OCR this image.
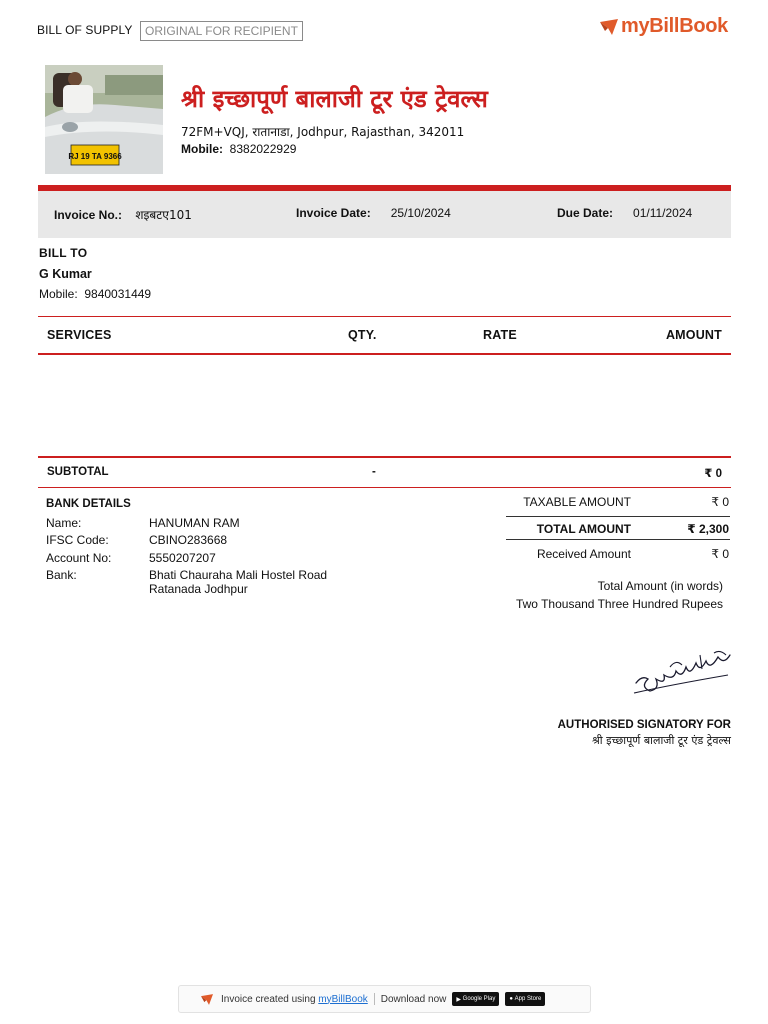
BILL OF SUPPLY	ORIGINAL FOR RECIPIENT	myBillBook
RJ 19 TA 9366
श्री इच्छापूर्ण बालाजी टूर एंड ट्रेवल्स
72FM+VQJ, रातानाडा, Jodhpur, Rajasthan, 342011
Mobile: 8382022929
Invoice No.: शइबटए101	Invoice Date: 25/10/2024	Due Date: 01/11/2024
BILL TO
G Kumar
Mobile: 9840031449
SERVICES	QTY.	RATE	AMOUNT
SUBTOTAL	-	₹ 0
BANK DETAILS
Name:	HANUMAN RAM
IFSC Code:	CBINO283668
Account No:	5550207207
Bank:	Bhati Chauraha Mali Hostel Road Ratanada Jodhpur
TAXABLE AMOUNT	₹ 0
TOTAL AMOUNT	₹ 2,300
Received Amount	₹ 0
Total Amount (in words)
Two Thousand Three Hundred Rupees
AUTHORISED SIGNATORY FOR
श्री इच्छापूर्ण बालाजी टूर एंड ट्रेवल्स
Invoice created using myBillBook Download now	▶ Google Play ●
App Store
